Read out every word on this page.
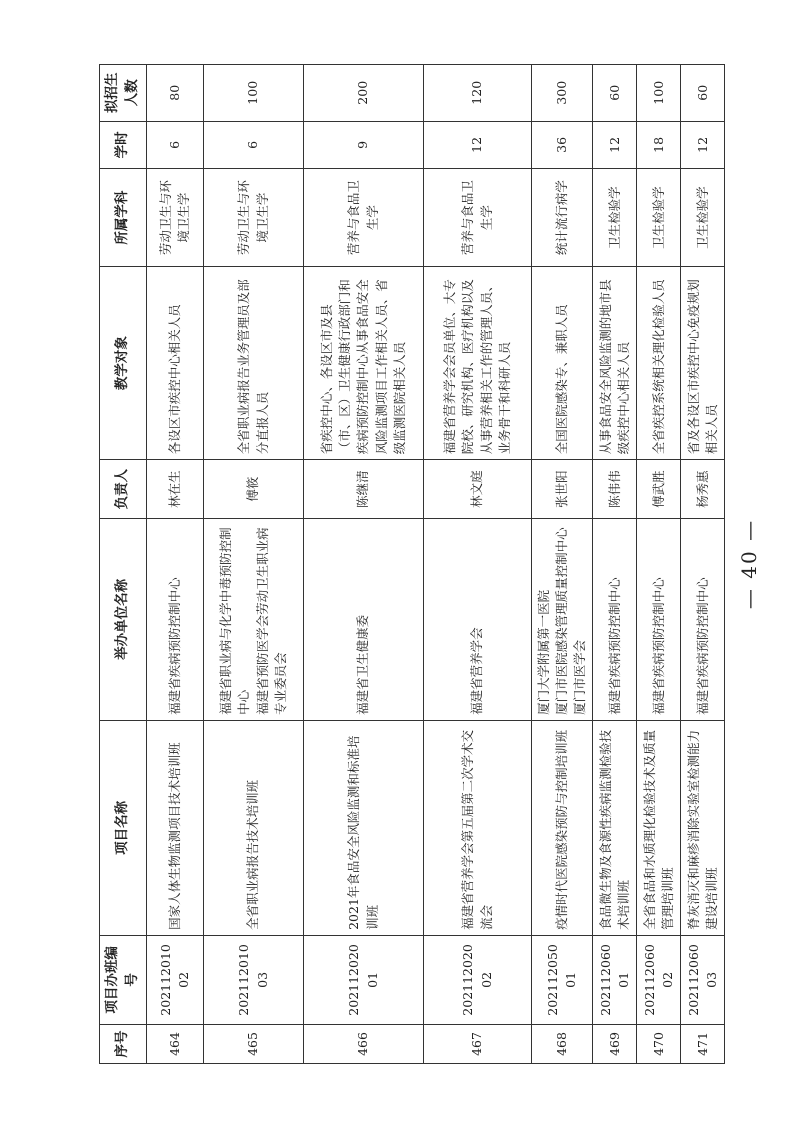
序号	项目办班编号	项目名称	举办单位名称	负责人	教学对象	所属学科	学时	拟招生人数
464	20211201002	国家人体生物监测项目技术培训班	福建省疾病预防控制中心	林在生	各设区市疾控中心相关人员	劳动卫生与环境卫生学	6	80
465	20211201003	全省职业病报告技术培训班	福建省职业病与化学中毒预防控制中心 福建省预防医学会劳动卫生职业病专业委员会	傅筱	全省职业病报告业务管理员及部分直报人员	劳动卫生与环境卫生学	6	100
466	20211202001	2021年食品安全风险监测和标准培训班	福建省卫生健康委	陈继清	省疾控中心、各设区市及县（市、区）卫生健康行政部门和疾病预防控制中心从事食品安全风险监测项目工作相关人员、省级监测医院相关人员	营养与食品卫生学	9	200
467	20211202002	福建省营养学会第五届第二次学术交流会	福建省营养学会	林文庭	福建省营养学会会员单位、大专院校、研究机构、医疗机构以及从事营养相关工作的管理人员、业务骨干和科研人员	营养与食品卫生学	12	120
468	20211205001	疫情时代医院感染预防与控制培训班	厦门大学附属第一医院 厦门市医院感染管理质量控制中心 厦门市医学会	张世阳	全国医院感染专、兼职人员	统计流行病学	36	300
469	20211206001	食品微生物及食源性疾病监测检验技术培训班	福建省疾病预防控制中心	陈伟伟	从事食品安全风险监测的地市县级疾控中心相关人员	卫生检验学	12	60
470	20211206002	全省食品和水质理化检验技术及质量管理培训班	福建省疾病预防控制中心	傅武胜	全省疾控系统相关理化检验人员	卫生检验学	18	100
471	20211206003	脊灰消灭和麻疹消除实验室检测能力建设培训班	福建省疾病预防控制中心	杨秀惠	省及各设区市疾控中心免疫规划相关人员	卫生检验学	12	60
— 40 —
